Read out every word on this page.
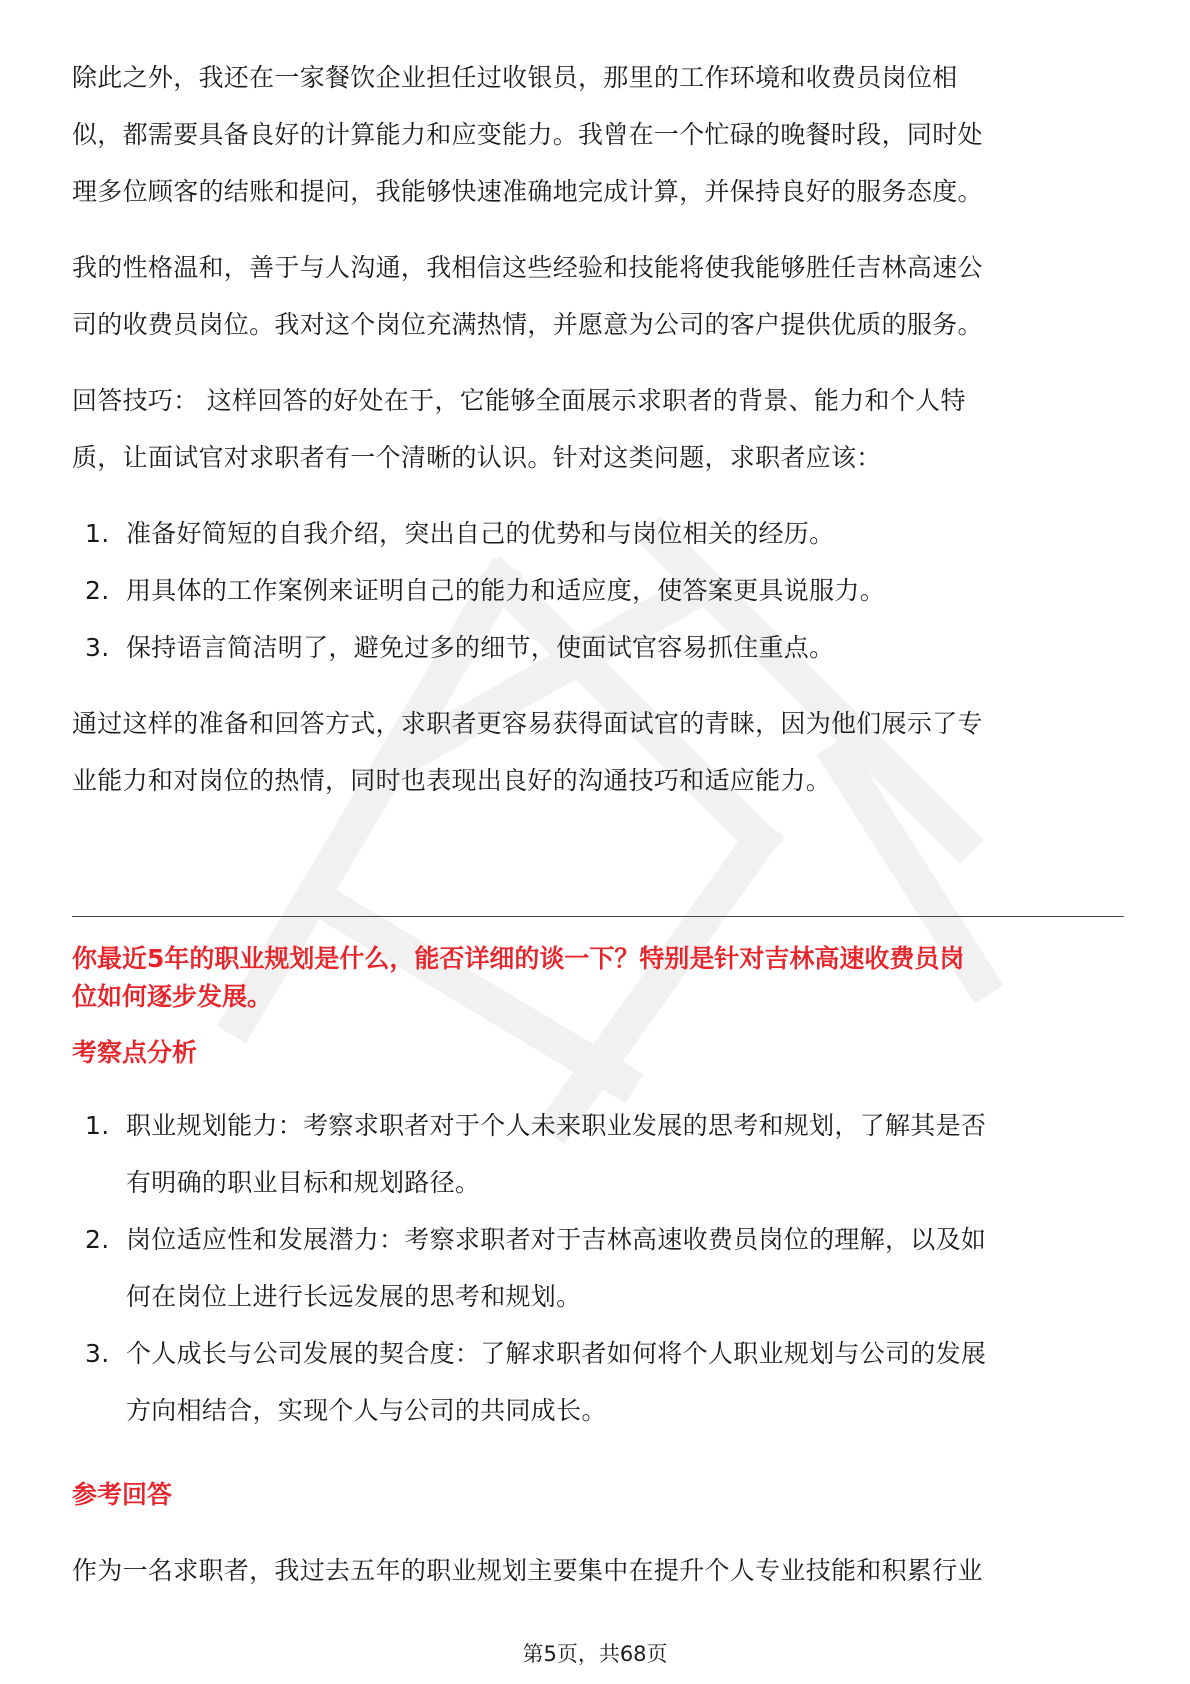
除此之外，我还在一家餐饮企业担任过收银员，那里的工作环境和收费员岗位相

似，都需要具备良好的计算能力和应变能力。我曾在一个忙碌的晚餐时段，同时处

理多位顾客的结账和提问，我能够快速准确地完成计算，并保持良好的服务态度。

我的性格温和，善于与人沟通，我相信这些经验和技能将使我能够胜任吉林高速公

司的收费员岗位。我对这个岗位充满热情，并愿意为公司的客户提供优质的服务。

回答技巧： 这样回答的好处在于，它能够全面展示求职者的背景、能力和个人特

质，让面试官对求职者有一个清晰的认识。针对这类问题，求职者应该：

1. 准备好简短的自我介绍，突出自己的优势和与岗位相关的经历。
2. 用具体的工作案例来证明自己的能力和适应度，使答案更具说服力。
3. 保持语言简洁明了，避免过多的细节，使面试官容易抓住重点。

通过这样的准备和回答方式，求职者更容易获得面试官的青睐，因为他们展示了专

业能力和对岗位的热情，同时也表现出良好的沟通技巧和适应能力。

你最近5年的职业规划是什么，能否详细的谈一下？特别是针对吉林高速收费员岗

位如何逐步发展。

考察点分析

1. 职业规划能力：考察求职者对于个人未来职业发展的思考和规划，了解其是否
有明确的职业目标和规划路径。
2. 岗位适应性和发展潜力：考察求职者对于吉林高速收费员岗位的理解，以及如
何在岗位上进行长远发展的思考和规划。
3. 个人成长与公司发展的契合度：了解求职者如何将个人职业规划与公司的发展
方向相结合，实现个人与公司的共同成长。

参考回答

作为一名求职者，我过去五年的职业规划主要集中在提升个人专业技能和积累行业

第5页，共68页
